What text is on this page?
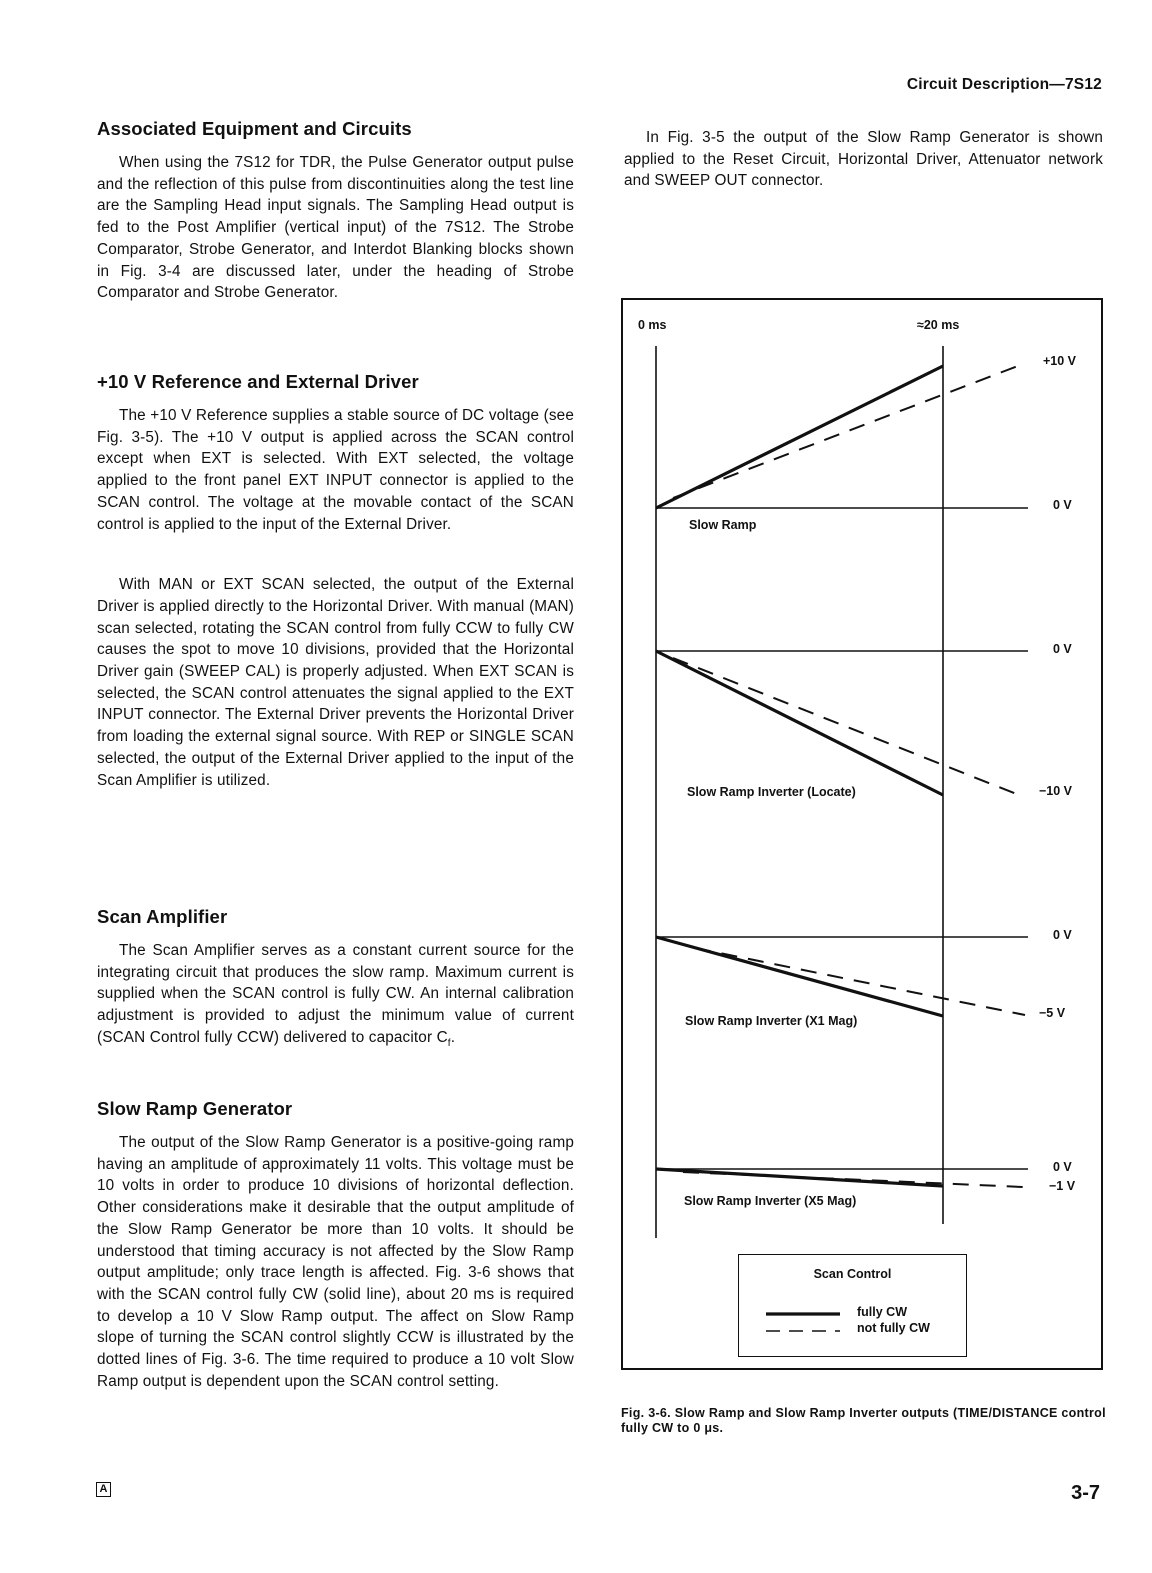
Circuit Description—7S12
Associated Equipment and Circuits

When using the 7S12 for TDR, the Pulse Generator output pulse and the reflection of this pulse from discontinuities along the test line are the Sampling Head input signals. The Sampling Head output is fed to the Post Amplifier (vertical input) of the 7S12. The Strobe Comparator, Strobe Generator, and Interdot Blanking blocks shown in Fig. 3-4 are discussed later, under the heading of Strobe Comparator and Strobe Generator.

+10 V Reference and External Driver

The +10 V Reference supplies a stable source of DC voltage (see Fig. 3-5). The +10 V output is applied across the SCAN control except when EXT is selected. With EXT selected, the voltage applied to the front panel EXT INPUT connector is applied to the SCAN control. The voltage at the movable contact of the SCAN control is applied to the input of the External Driver.

With MAN or EXT SCAN selected, the output of the External Driver is applied directly to the Horizontal Driver. With manual (MAN) scan selected, rotating the SCAN control from fully CCW to fully CW causes the spot to move 10 divisions, provided that the Horizontal Driver gain (SWEEP CAL) is properly adjusted. When EXT SCAN is selected, the SCAN control attenuates the signal applied to the EXT INPUT connector. The External Driver prevents the Horizontal Driver from loading the external signal source. With REP or SINGLE SCAN selected, the output of the External Driver applied to the input of the Scan Amplifier is utilized.

Scan Amplifier

The Scan Amplifier serves as a constant current source for the integrating circuit that produces the slow ramp. Maximum current is supplied when the SCAN control is fully CW. An internal calibration adjustment is provided to adjust the minimum value of current (SCAN Control fully CCW) delivered to capacitor $C_f$.

Slow Ramp Generator

The output of the Slow Ramp Generator is a positive-going ramp having an amplitude of approximately 11 volts. This voltage must be 10 volts in order to produce 10 divisions of horizontal deflection. Other considerations make it desirable that the output amplitude of the Slow Ramp Generator be more than 10 volts. It should be understood that timing accuracy is not affected by the Slow Ramp output amplitude; only trace length is affected. Fig. 3-6 shows that with the SCAN control fully CW (solid line), about 20 ms is required to develop a 10 V Slow Ramp output. The affect on Slow Ramp slope of turning the SCAN control slightly CCW is illustrated by the dotted lines of Fig. 3-6. The time required to produce a 10 volt Slow Ramp output is dependent upon the SCAN control setting.

In Fig. 3-5 the output of the Slow Ramp Generator is shown applied to the Reset Circuit, Horizontal Driver, Attenuator network and SWEEP OUT connector.

0 ms	≈20 ms
+10 V
0 V
Slow Ramp
0 V
−10 V
Slow Ramp Inverter (Locate)
0 V
−5 V
Slow Ramp Inverter (X1 Mag)
0 V
−1 V
Slow Ramp Inverter (X5 Mag)
Scan Control
fully CW
not fully CW
Fig. 3-6. Slow Ramp and Slow Ramp Inverter outputs (TIME/DISTANCE control fully CW to 0 μs.
A	3-7
